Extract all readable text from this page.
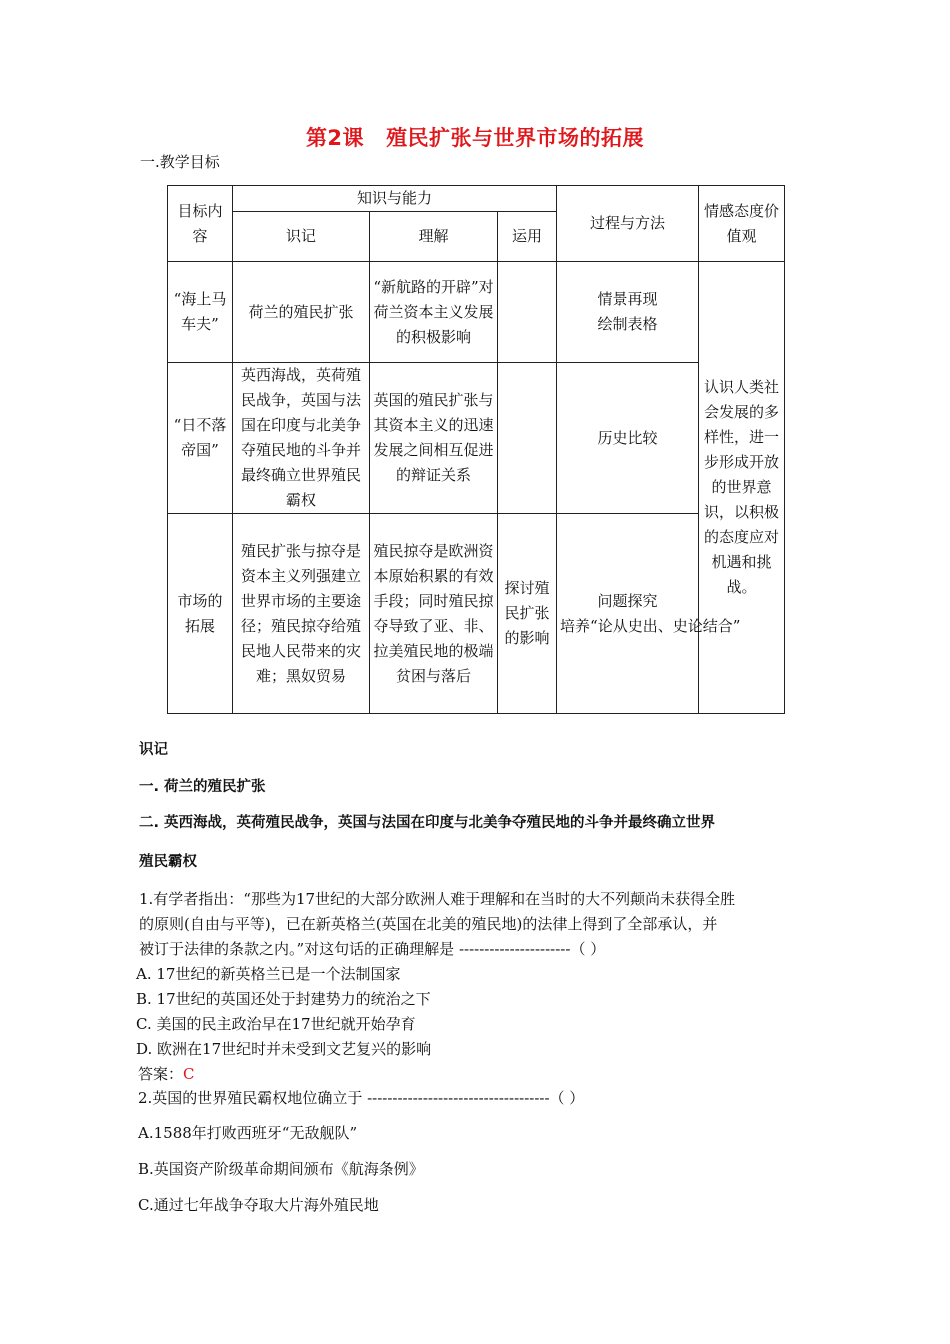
第2课 殖民扩张与世界市场的拓展
一.教学目标
目标内容	知识与能力			过程与方法	情感态度价值观
	识记	理解	运用		
“海上马车夫”	荷兰的殖民扩张	“新航路的开辟”对荷兰资本主义发展的积极影响		情景再现
绘制表格	认识人类社会发展的多样性，进一步形成开放的世界意识，以积极的态度应对机遇和挑战。
“日不落帝国”	英西海战，英荷殖民战争，英国与法国在印度与北美争夺殖民地的斗争并最终确立世界殖民霸权	英国的殖民扩张与其资本主义的迅速发展之间相互促进的辩证关系		历史比较	

市场的拓展	殖民扩张与掠夺是资本主义列强建立世界市场的主要途径；殖民掠夺给殖民地人民带来的灾难；黑奴贸易	殖民掠夺是欧洲资本原始积累的有效手段；同时殖民掠夺导致了亚、非、拉美殖民地的极端贫困与落后	探讨殖民扩张的影响	问题探究
培养“论从史出、史论结合”	
识记
一. 荷兰的殖民扩张
二. 英西海战，英荷殖民战争，英国与法国在印度与北美争夺殖民地的斗争并最终确立世界
殖民霸权
1.有学者指出：“那些为17世纪的大部分欧洲人难于理解和在当时的大不列颠尚未获得全胜
的原则(自由与平等)，已在新英格兰(英国在北美的殖民地)的法律上得到了全部承认，并
被订于法律的条款之内。”对这句话的正确理解是 ----------------------（ ）
A. 17世纪的新英格兰已是一个法制国家
B. 17世纪的英国还处于封建势力的统治之下
C. 美国的民主政治早在17世纪就开始孕育
D. 欧洲在17世纪时并未受到文艺复兴的影响
答案：C
2.英国的世界殖民霸权地位确立于 ------------------------------------（ ）
A.1588年打败西班牙“无敌舰队”
B.英国资产阶级革命期间颁布《航海条例》
C.通过七年战争夺取大片海外殖民地
